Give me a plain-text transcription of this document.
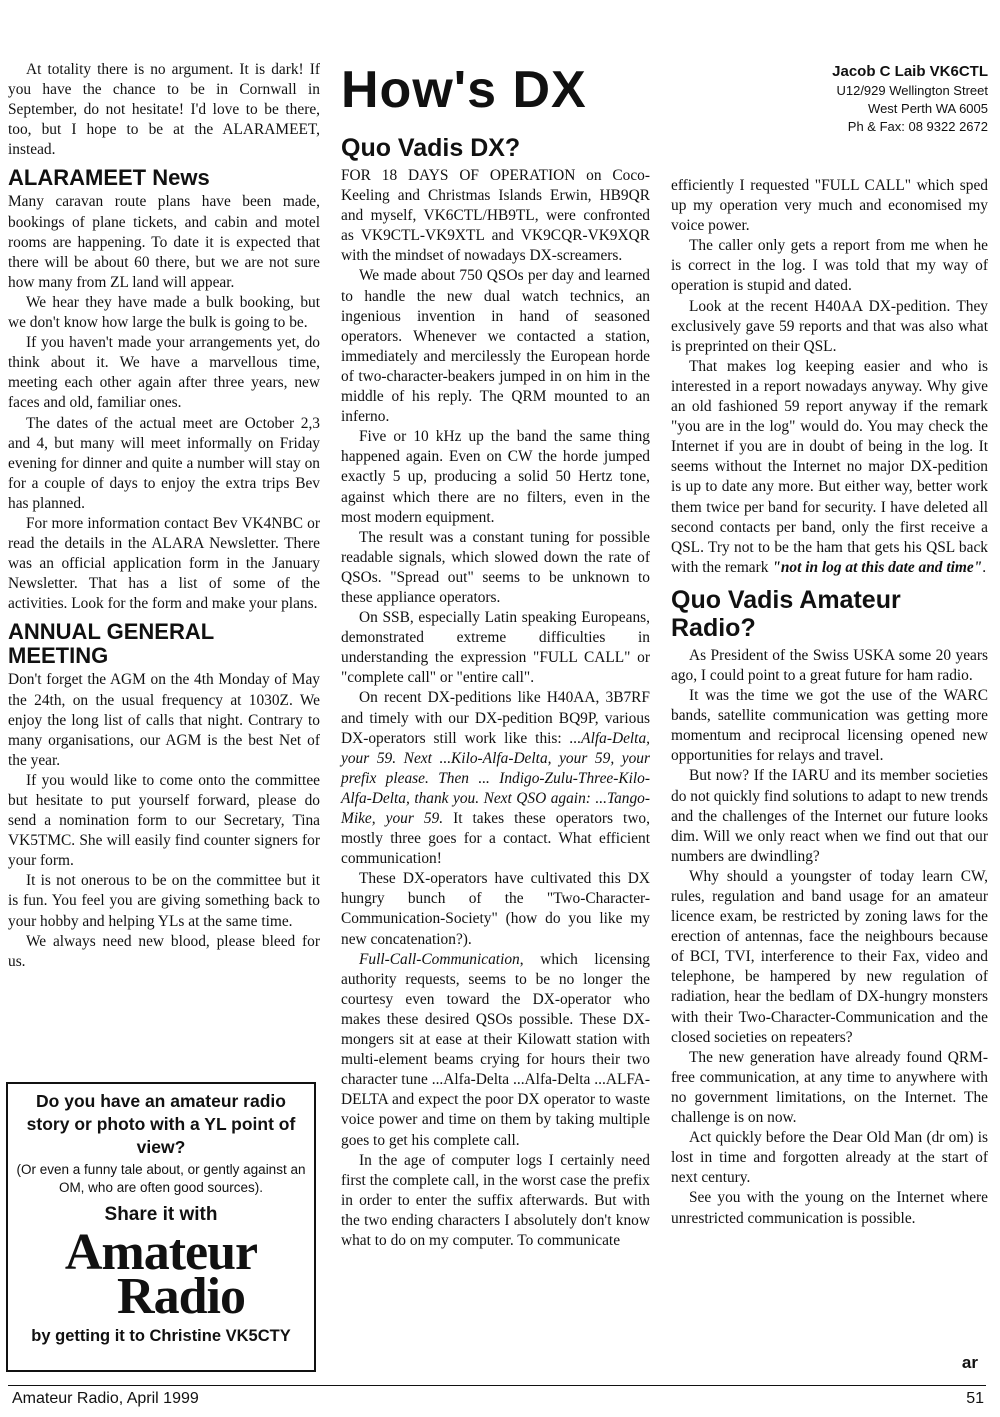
At totality there is no argument. It is dark! If you have the chance to be in Cornwall in September, do not hesitate! I'd love to be there, too, but I hope to be at the ALARAMEET, instead.

ALARAMEET News

Many caravan route plans have been made, bookings of plane tickets, and cabin and motel rooms are happening. To date it is expected that there will be about 60 there, but we are not sure how many from ZL land will appear.

We hear they have made a bulk booking, but we don't know how large the bulk is going to be.

If you haven't made your arrangements yet, do think about it. We have a marvellous time, meeting each other again after three years, new faces and old, familiar ones.

The dates of the actual meet are October 2,3 and 4, but many will meet informally on Friday evening for dinner and quite a number will stay on for a couple of days to enjoy the extra trips Bev has planned.

For more information contact Bev VK4NBC or read the details in the ALARA Newsletter. There was an official application form in the January Newsletter. That has a list of some of the activities. Look for the form and make your plans.

ANNUAL GENERAL MEETING

Don't forget the AGM on the 4th Monday of May the 24th, on the usual frequency at 1030Z. We enjoy the long list of calls that night. Contrary to many organisations, our AGM is the best Net of the year.

If you would like to come onto the committee but hesitate to put yourself forward, please do send a nomination form to our Secretary, Tina VK5TMC. She will easily find counter signers for your form.

It is not onerous to be on the committee but it is fun. You feel you are giving something back to your hobby and helping YLs at the same time.

We always need new blood, please bleed for us.

Do you have an amateur radio story or photo with a YL point of view?
(Or even a funny tale about, or gently against an OM, who are often good sources).
Share it with
Amateur
Radio
by getting it to Christine VK5CTY
How's DX
Quo Vadis DX?

FOR 18 DAYS OF OPERATION on Coco-Keeling and Christmas Islands Erwin, HB9QR and myself, VK6CTL/HB9TL, were confronted as VK9CTL-VK9XTL and VK9CQR-VK9XQR with the mindset of nowadays DX-screamers.

We made about 750 QSOs per day and learned to handle the new dual watch technics, an ingenious invention in hand of seasoned operators. Whenever we contacted a station, immediately and mercilessly the European horde of two-character-beakers jumped in on him in the middle of his reply. The QRM mounted to an inferno.

Five or 10 kHz up the band the same thing happened again. Even on CW the horde jumped exactly 5 up, producing a solid 50 Hertz tone, against which there are no filters, even in the most modern equipment.

The result was a constant tuning for possible readable signals, which slowed down the rate of QSOs. "Spread out" seems to be unknown to these appliance operators.

On SSB, especially Latin speaking Europeans, demonstrated extreme difficulties in understanding the expression "FULL CALL" or "complete call" or "entire call".

On recent DX-peditions like H40AA, 3B7RF and timely with our DX-pedition BQ9P, various DX-operators still work like this: ...Alfa-Delta, your 59. Next ...Kilo-Alfa-Delta, your 59, your prefix please. Then ... Indigo-Zulu-Three-Kilo-Alfa-Delta, thank you. Next QSO again: ...Tango-Mike, your 59. It takes these operators two, mostly three goes for a contact. What efficient communication!

These DX-operators have cultivated this DX hungry bunch of the "Two-Character-Communication-Society" (how do you like my new concatenation?).

Full-Call-Communication, which licensing authority requests, seems to be no longer the courtesy even toward the DX-operator who makes these desired QSOs possible. These DX-mongers sit at ease at their Kilowatt station with multi-element beams crying for hours their two character tune ...Alfa-Delta ...Alfa-Delta ...ALFA-DELTA and expect the poor DX operator to waste voice power and time on them by taking multiple goes to get his complete call.

In the age of computer logs I certainly need first the complete call, in the worst case the prefix in order to enter the suffix afterwards. But with the two ending characters I absolutely don't know what to do on my computer. To communicate

Jacob C Laib VK6CTL
U12/929 Wellington Street
West Perth WA 6005
Ph & Fax: 08 9322 2672

efficiently I requested "FULL CALL" which sped up my operation very much and economised my voice power.

The caller only gets a report from me when he is correct in the log. I was told that my way of operation is stupid and dated.

Look at the recent H40AA DX-pedition. They exclusively gave 59 reports and that was also what is preprinted on their QSL.

That makes log keeping easier and who is interested in a report nowadays anyway. Why give an old fashioned 59 report anyway if the remark "you are in the log" would do. You may check the Internet if you are in doubt of being in the log. It seems without the Internet no major DX-pedition is up to date any more. But either way, better work them twice per band for security. I have deleted all second contacts per band, only the first receive a QSL. Try not to be the ham that gets his QSL back with the remark "not in log at this date and time".

Quo Vadis Amateur Radio?

As President of the Swiss USKA some 20 years ago, I could point to a great future for ham radio.

It was the time we got the use of the WARC bands, satellite communication was getting more momentum and reciprocal licensing opened new opportunities for relays and travel.

But now? If the IARU and its member societies do not quickly find solutions to adapt to new trends and the challenges of the Internet our future looks dim. Will we only react when we find out that our numbers are dwindling?

Why should a youngster of today learn CW, rules, regulation and band usage for an amateur licence exam, be restricted by zoning laws for the erection of antennas, face the neighbours because of BCI, TVI, interference to their Fax, video and telephone, be hampered by new regulation of radiation, hear the bedlam of DX-hungry monsters with their Two-Character-Communication and the closed societies on repeaters?

The new generation have already found QRM-free communication, at any time to anywhere with no government limitations, on the Internet. The challenge is on now.

Act quickly before the Dear Old Man (dr om) is lost in time and forgotten already at the start of next century.

See you with the young on the Internet where unrestricted communication is possible.

ar
Amateur Radio, April 1999	51
